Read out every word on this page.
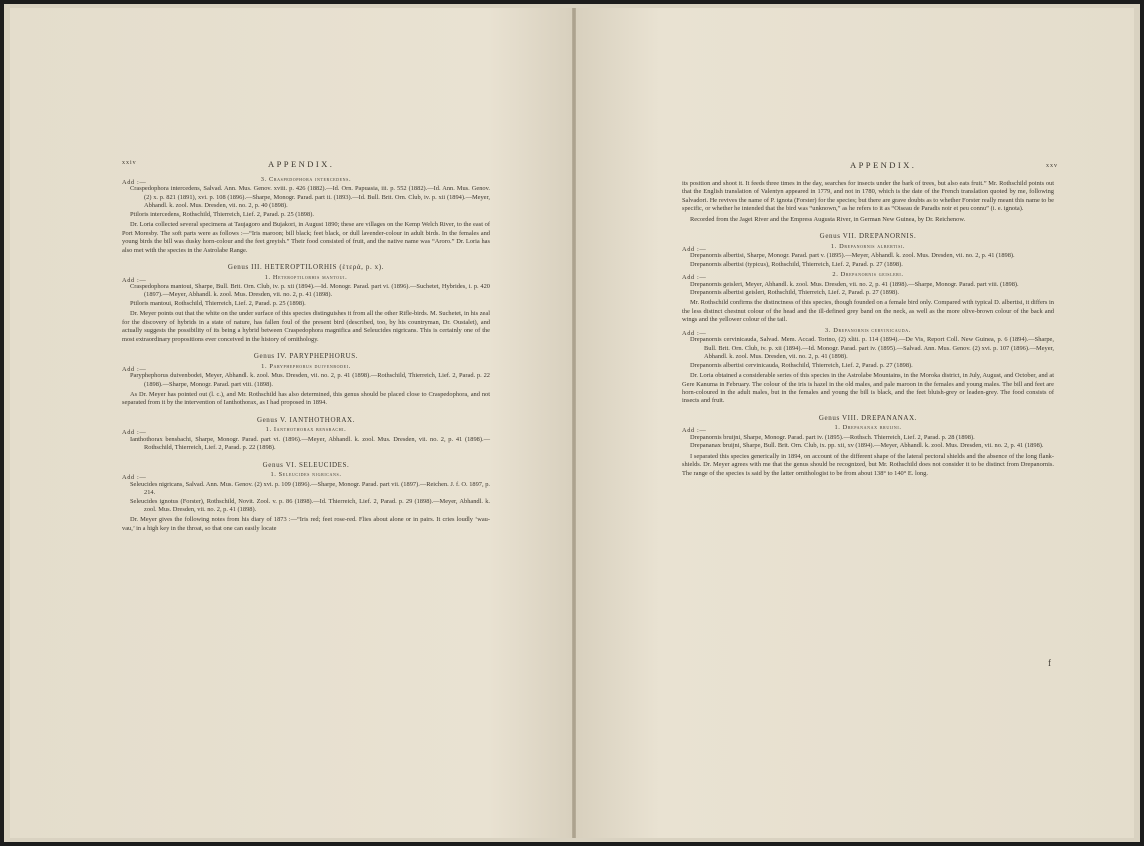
xxiv	APPENDIX.
Add :—	3. Craspedophora intercedens.

Craspedophora intercedens, Salvad. Ann. Mus. Genov. xviii. p. 426 (1882).—Id. Orn. Papuasia, iii. p. 552 (1882).—Id. Ann. Mus. Genov. (2) x. p. 821 (1891), xvi. p. 108 (1896).—Sharpe, Monogr. Parad. part ii. (1893).—Id. Bull. Brit. Orn. Club, iv. p. xii (1894).—Meyer, Abhandl. k. zool. Mus. Dresden, vii. no. 2, p. 40 (1898).

Ptiloris intercedens, Rothschild, Thierreich, Lief. 2, Parad. p. 25 (1898).

Dr. Loria collected several specimens at Taujagoro and Bujakori, in August 1890; these are villages on the Kemp Welch River, to the east of Port Moresby. The soft parts were as follows :—“Iris maroon; bill black; feet black, or dull lavender-colour in adult birds. In the females and young birds the bill was dusky horn-colour and the feet greyish.” Their food consisted of fruit, and the native name was “Aroro.” Dr. Loria has also met with the species in the Astrolabe Range.

Genus III. HETEROPTILORHIS (ἑτερά, p. x).

Add :—	1. Heteroptilorhis mantoui.

Craspedophora mantoui, Sharpe, Bull. Brit. Orn. Club, iv. p. xii (1894).—Id. Monogr. Parad. part vi. (1896).—Suchetet, Hybrides, i. p. 420 (1897).—Meyer, Abhandl. k. zool. Mus. Dresden, vii. no. 2, p. 41 (1898).

Ptiloris mantoui, Rothschild, Thierreich, Lief. 2, Parad. p. 25 (1898).

Dr. Meyer points out that the white on the under surface of this species distinguishes it from all the other Rifle-birds. M. Suchetet, in his zeal for the discovery of hybrids in a state of nature, has fallen foul of the present bird (described, too, by his countryman, Dr. Oustalet), and actually suggests the possibility of its being a hybrid between Craspedophora magnifica and Seleucides nigricans. This is certainly one of the most extraordinary propositions ever conceived in the history of ornithology.

Genus IV. PARYPHEPHORUS.

Add :—	1. Paryphephorus duivenbodei.

Paryphephorus duivenbodei, Meyer, Abhandl. k. zool. Mus. Dresden, vii. no. 2, p. 41 (1898).—Rothschild, Thierreich, Lief. 2, Parad. p. 22 (1898).—Sharpe, Monogr. Parad. part viii. (1898).

As Dr. Meyer has pointed out (l. c.), and Mr. Rothschild has also determined, this genus should be placed close to Craspedophora, and not separated from it by the intervention of Ianthothorax, as I had proposed in 1894.

Genus V. IANTHOTHORAX.

Add :—	1. Ianthothorax bensbachi.

Ianthothorax bensbachi, Sharpe, Monogr. Parad. part vi. (1896).—Meyer, Abhandl. k. zool. Mus. Dresden, vii. no. 2, p. 41 (1898).—Rothschild, Thierreich, Lief. 2, Parad. p. 22 (1898).

Genus VI. SELEUCIDES.

Add :—	1. Seleucides nigricans.

Seleucides nigricans, Salvad. Ann. Mus. Genov. (2) xvi. p. 109 (1896).—Sharpe, Monogr. Parad. part vii. (1897).—Reichen. J. f. O. 1897, p. 214.

Seleucides ignotus (Forster), Rothschild, Novit. Zool. v. p. 86 (1898).—Id. Thierreich, Lief. 2, Parad. p. 29 (1898).—Meyer, Abhandl. k. zool. Mus. Dresden, vii. no. 2, p. 41 (1898).

Dr. Meyer gives the following notes from his diary of 1873 :—“Iris red; feet rose-red. Flies about alone or in pairs. It cries loudly ‘wau-vau,’ in a high key in the throat, so that one can easily locate

APPENDIX.	xxv

its position and shoot it. It feeds three times in the day, searches for insects under the bark of trees, but also eats fruit.” Mr. Rothschild points out that the English translation of Valentyn appeared in 1779, and not in 1780, which is the date of the French translation quoted by me, following Salvadori. He revives the name of P. ignota (Forster) for the species; but there are grave doubts as to whether Forster really meant this name to be specific, or whether he intended that the bird was “unknown,” as he refers to it as “Oiseau de Paradis noir et peu connu” (i. e. ignota).

Recorded from the Jagei River and the Empress Augusta River, in German New Guinea, by Dr. Reichenow.

Genus VII. DREPANORNIS.

Add :—	1. Drepanornis albertisi.

Drepanornis albertisi, Sharpe, Monogr. Parad. part v. (1895).—Meyer, Abhandl. k. zool. Mus. Dresden, vii. no. 2, p. 41 (1898).

Drepanornis albertisi (typicus), Rothschild, Thierreich, Lief. 2, Parad. p. 27 (1898).

Add :—	2. Drepanornis geisleri.

Drepanornis geisleri, Meyer, Abhandl. k. zool. Mus. Dresden, vii. no. 2, p. 41 (1898).—Sharpe, Monogr. Parad. part viii. (1898).

Drepanornis albertisi geisleri, Rothschild, Thierreich, Lief. 2, Parad. p. 27 (1898).

Mr. Rothschild confirms the distinctness of this species, though founded on a female bird only. Compared with typical D. albertisi, it differs in the less distinct chestnut colour of the head and the ill-defined grey band on the neck, as well as the more olive-brown colour of the back and wings and the yellower colour of the tail.

Add :—	3. Drepanornis cervinicauda.

Drepanornis cervinicauda, Salvad. Mem. Accad. Torino, (2) xliii. p. 114 (1894).—De Vis, Report Coll. New Guinea, p. 6 (1894).—Sharpe, Bull. Brit. Orn. Club, iv. p. xii (1894).—Id. Monogr. Parad. part iv. (1895).—Salvad. Ann. Mus. Genov. (2) xvi. p. 107 (1896).—Meyer, Abhandl. k. zool. Mus. Dresden, vii. no. 2, p. 41 (1898).

Drepanornis albertisi cervinicauda, Rothschild, Thierreich, Lief. 2, Parad. p. 27 (1898).

Dr. Loria obtained a considerable series of this species in the Astrolabe Mountains, in the Moroka district, in July, August, and October, and at Gere Kanuma in February. The colour of the iris is hazel in the old males, and pale maroon in the females and young males. The bill and feet are horn-coloured in the adult males, but in the females and young the bill is black, and the feet bluish-grey or leaden-grey. The food consists of insects and fruit.

Genus VIII. DREPANANAX.

Add :—	1. Drepananax bruijni.

Drepanornis bruijni, Sharpe, Monogr. Parad. part iv. (1895).—Rothsch. Thierreich, Lief. 2, Parad. p. 28 (1898).

Drepananax bruijni, Sharpe, Bull. Brit. Orn. Club, ix. pp. xii, xv (1894).—Meyer, Abhandl. k. zool. Mus. Dresden, vii. no. 2, p. 41 (1898).

I separated this species generically in 1894, on account of the different shape of the lateral pectoral shields and the absence of the long flank-shields. Dr. Meyer agrees with me that the genus should be recognized, but Mr. Rothschild does not consider it to be distinct from Drepanornis. The range of the species is said by the latter ornithologist to be from about 138° to 140° E. long.

f
